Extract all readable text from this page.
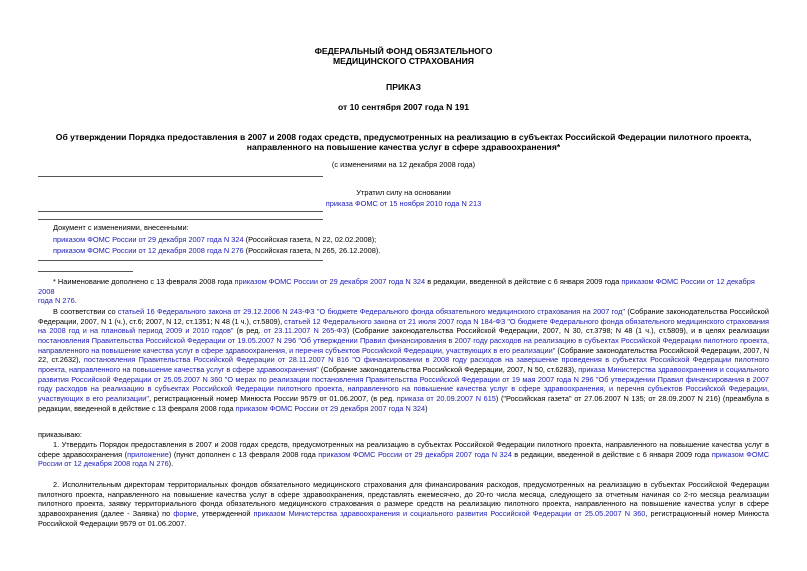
ФЕДЕРАЛЬНЫЙ ФОНД ОБЯЗАТЕЛЬНОГО
МЕДИЦИНСКОГО СТРАХОВАНИЯ
ПРИКАЗ
от 10 сентября 2007 года N 191
Об утверждении Порядка предоставления в 2007 и 2008 годах средств, предусмотренных на реализацию в субъектах Российской Федерации пилотного проекта,
направленного на повышение качества услуг в сфере здравоохранения*
(с изменениями на 12 декабря 2008 года)
Утратил силу на основании
приказа ФОМС от 15 ноября 2010 года N 213
Документ с изменениями, внесенными:
приказом ФОМС России от 29 декабря 2007 года N 324 (Российская газета, N 22, 02.02.2008);
приказом ФОМС России от 12 декабря 2008 года N 276 (Российская газета, N 265, 26.12.2008).

* Наименование дополнено с 13 февраля 2008 года приказом ФОМС России от 29 декабря 2007 года N 324 в редакции, введенной в действие с 6 января 2009 года приказом ФОМС России от 12 декабря 2008
года N 276.

В соответствии со статьей 16 Федерального закона от 29.12.2006 N 243-ФЗ "О бюджете Федерального фонда обязательного медицинского страхования на 2007 год" (Собрание законодательства Российской Федерации, 2007, N 1 (ч.), ст.6; 2007, N 12, ст.1351; N 48 (1 ч.), ст.5809), статьей 12 Федерального закона от 21 июля 2007 года N 184-ФЗ "О бюджете Федерального фонда обязательного медицинского страхования на 2008 год и на плановый период 2009 и 2010 годов" (в ред. от 23.11.2007 N 265-ФЗ) (Собрание законодательства Российской Федерации, 2007, N 30, ст.3798; N 48 (1 ч.), ст.5809), и в целях реализации постановления Правительства Российской Федерации от 19.05.2007 N 296 "Об утверждении Правил финансирования в 2007 году расходов на реализацию в субъектах Российской Федерации пилотного проекта, направленного на повышение качества услуг в сфере здравоохранения, и перечня субъектов Российской Федерации, участвующих в его реализации" (Собрание законодательства Российской Федерации, 2007, N 22, ст.2632), постановления Правительства Российской Федерации от 28.11.2007 N 816 "О финансировании в 2008 году расходов на завершение проведения в субъектах Российской Федерации пилотного проекта, направленного на повышение качества услуг в сфере здравоохранения" (Собрание законодательства Российской Федерации, 2007, N 50, ст.6283), приказа Министерства здравоохранения и социального развития Российской Федерации от 25.05.2007 N 360 "О мерах по реализации постановления Правительства Российской Федерации от 19 мая 2007 года N 296 "Об утверждении Правил финансирования в 2007 году расходов на реализацию в субъектах Российской Федерации пилотного проекта, направленного на повышение качества услуг в сфере здравоохранения, и перечня субъектов Российской Федерации, участвующих в его реализации", регистрационный номер Минюста России 9579 от 01.06.2007, (в ред. приказа от 20.09.2007 N 615) ("Российская газета" от 27.06.2007 N 135; от 28.09.2007 N 216) (преамбула в редакции, введенной в действие с 13 февраля 2008 года приказом ФОМС России от 29 декабря 2007 года N 324)

приказываю:

1. Утвердить Порядок предоставления в 2007 и 2008 годах средств, предусмотренных на реализацию в субъектах Российской Федерации пилотного проекта, направленного на повышение качества услуг в сфере здравоохранения (приложение) (пункт дополнен с 13 февраля 2008 года приказом ФОМС России от 29 декабря 2007 года N 324 в редакции, введенной в действие с 6 января 2009 года приказом ФОМС России от 12 декабря 2008 года N 276).

2. Исполнительным директорам территориальных фондов обязательного медицинского страхования для финансирования расходов, предусмотренных на реализацию в субъектах Российской Федерации пилотного проекта, направленного на повышение качества услуг в сфере здравоохранения, представлять ежемесячно, до 20-го числа месяца, следующего за отчетным начиная со 2-го месяца реализации пилотного проекта, заявку территориального фонда обязательного медицинского страхования о размере средств на реализацию пилотного проекта, направленного на повышение качества услуг в сфере здравоохранения (далее - Заявка) по форме, утвержденной приказом Министерства здравоохранения и социального развития Российской Федерации от 25.05.2007 N 360, регистрационный номер Минюста Российской Федерации 9579 от 01.06.2007.
